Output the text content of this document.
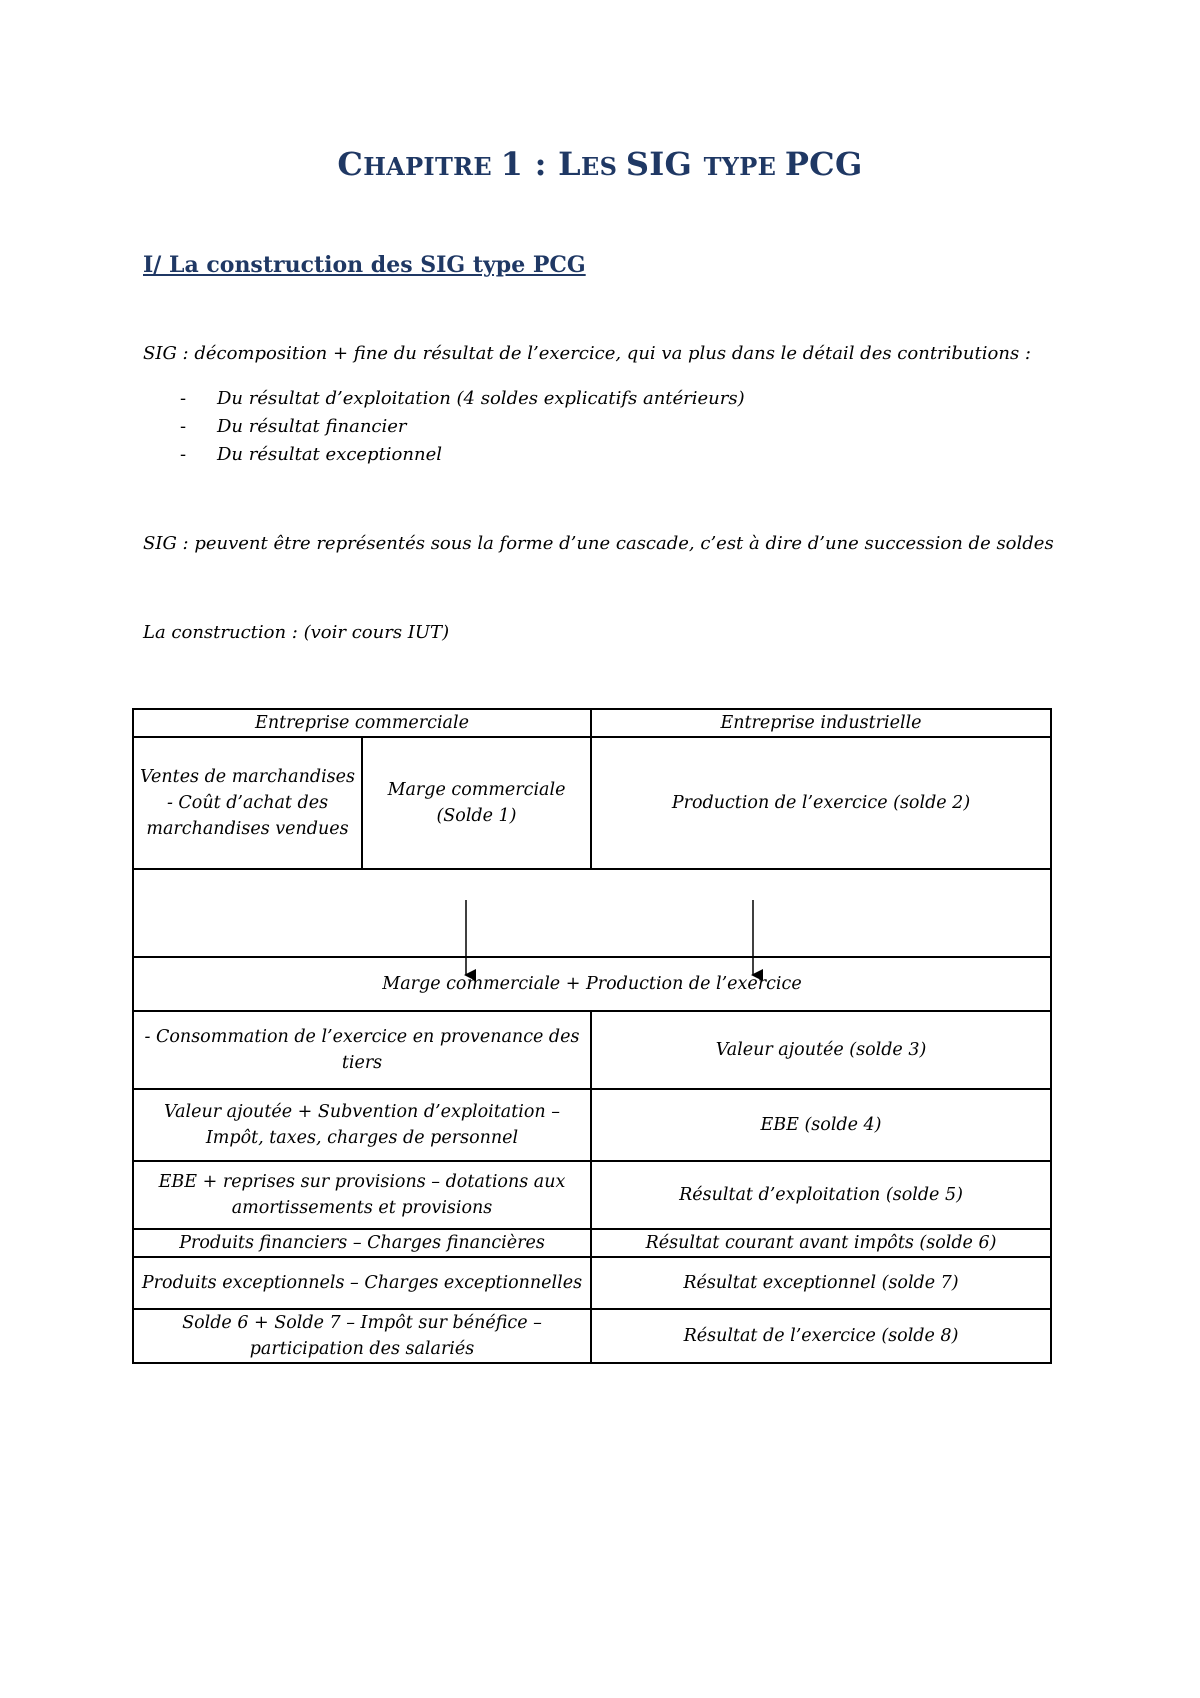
CHAPITRE 1 : LES SIG TYPE PCG
I/ La construction des SIG type PCG
SIG : décomposition + fine du résultat de l’exercice, qui va plus dans le détail des contributions :
- Du résultat d’exploitation (4 soldes explicatifs antérieurs)
- Du résultat financier
- Du résultat exceptionnel
SIG : peuvent être représentés sous la forme d’une cascade, c’est à dire d’une succession de soldes
La construction : (voir cours IUT)
Entreprise commerciale		Entreprise industrielle
Ventes de marchandises - Coût d’achat des marchandises vendues	Marge commerciale (Solde 1)	Production de l’exercice (solde 2)

Marge commerciale + Production de l’exercice		
- Consommation de l’exercice en provenance des tiers		Valeur ajoutée (solde 3)
Valeur ajoutée + Subvention d’exploitation – Impôt, taxes, charges de personnel		EBE (solde 4)
EBE + reprises sur provisions – dotations aux amortissements et provisions		Résultat d’exploitation (solde 5)
Produits financiers – Charges financières		Résultat courant avant impôts (solde 6)
Produits exceptionnels – Charges exceptionnelles		Résultat exceptionnel (solde 7)
Solde 6 + Solde 7 – Impôt sur bénéfice – participation des salariés		Résultat de l’exercice (solde 8)
